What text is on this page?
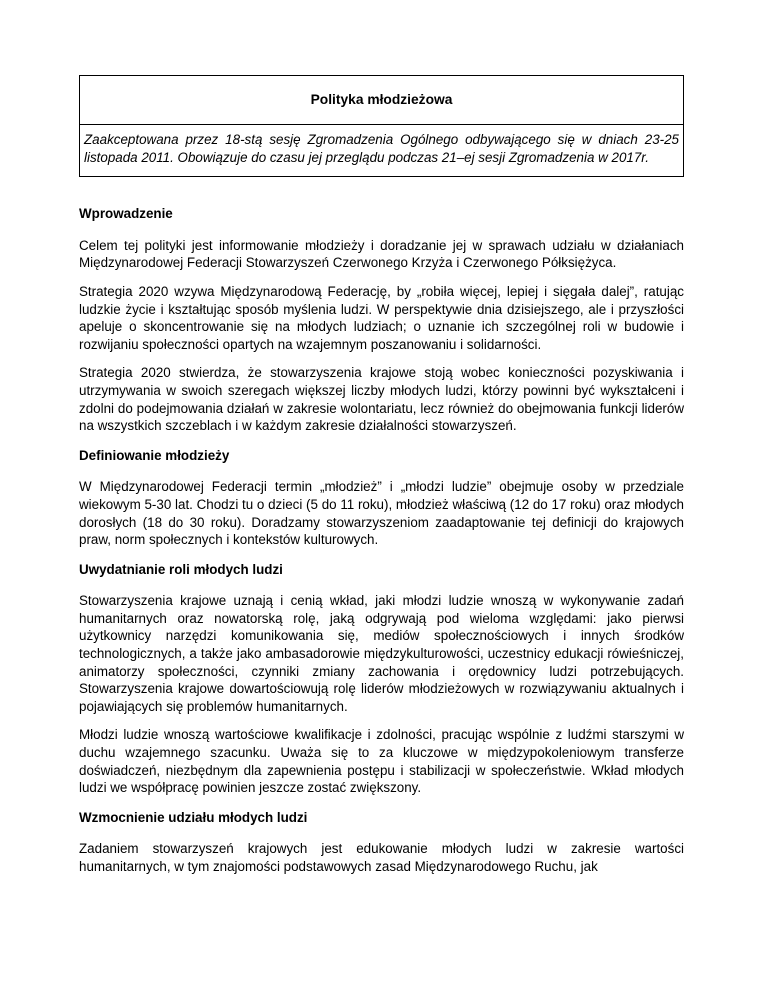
Polityka młodzieżowa
Zaakceptowana przez 18-stą sesję Zgromadzenia Ogólnego odbywającego się w dniach 23-25 listopada 2011. Obowiązuje do czasu jej przeglądu podczas 21–ej sesji Zgromadzenia w 2017r.
Wprowadzenie

Celem tej polityki jest informowanie młodzieży i doradzanie jej w sprawach udziału w działaniach Międzynarodowej Federacji Stowarzyszeń Czerwonego Krzyża i Czerwonego Półksiężyca.

Strategia 2020 wzywa Międzynarodową Federację, by „robiła więcej, lepiej i sięgała dalej”, ratując ludzkie życie i kształtując sposób myślenia ludzi. W perspektywie dnia dzisiejszego, ale i przyszłości apeluje o skoncentrowanie się na młodych ludziach; o uznanie ich szczególnej roli w budowie i rozwijaniu społeczności opartych na wzajemnym poszanowaniu i solidarności.

Strategia 2020 stwierdza, że stowarzyszenia krajowe stoją wobec konieczności pozyskiwania i utrzymywania w swoich szeregach większej liczby młodych ludzi, którzy powinni być wykształceni i zdolni do podejmowania działań w zakresie wolontariatu, lecz również do obejmowania funkcji liderów na wszystkich szczeblach i w każdym zakresie działalności stowarzyszeń.

Definiowanie młodzieży

W Międzynarodowej Federacji termin „młodzież” i „młodzi ludzie” obejmuje osoby w przedziale wiekowym 5-30 lat. Chodzi tu o dzieci (5 do 11 roku), młodzież właściwą (12 do 17 roku) oraz młodych dorosłych (18 do 30 roku). Doradzamy stowarzyszeniom zaadaptowanie tej definicji do krajowych praw, norm społecznych i kontekstów kulturowych.

Uwydatnianie roli młodych ludzi

Stowarzyszenia krajowe uznają i cenią wkład, jaki młodzi ludzie wnoszą w wykonywanie zadań humanitarnych oraz nowatorską rolę, jaką odgrywają pod wieloma względami: jako pierwsi użytkownicy narzędzi komunikowania się, mediów społecznościowych i innych środków technologicznych, a także jako ambasadorowie międzykulturowości, uczestnicy edukacji rówieśniczej, animatorzy społeczności, czynniki zmiany zachowania i orędownicy ludzi potrzebujących. Stowarzyszenia krajowe dowartościowują rolę liderów młodzieżowych w rozwiązywaniu aktualnych i pojawiających się problemów humanitarnych.

Młodzi ludzie wnoszą wartościowe kwalifikacje i zdolności, pracując wspólnie z ludźmi starszymi w duchu wzajemnego szacunku. Uważa się to za kluczowe w międzypokoleniowym transferze doświadczeń, niezbędnym dla zapewnienia postępu i stabilizacji w społeczeństwie. Wkład młodych ludzi we współpracę powinien jeszcze zostać zwiększony.

Wzmocnienie udziału młodych ludzi

Zadaniem stowarzyszeń krajowych jest edukowanie młodych ludzi w zakresie wartości humanitarnych, w tym znajomości podstawowych zasad Międzynarodowego Ruchu, jak
